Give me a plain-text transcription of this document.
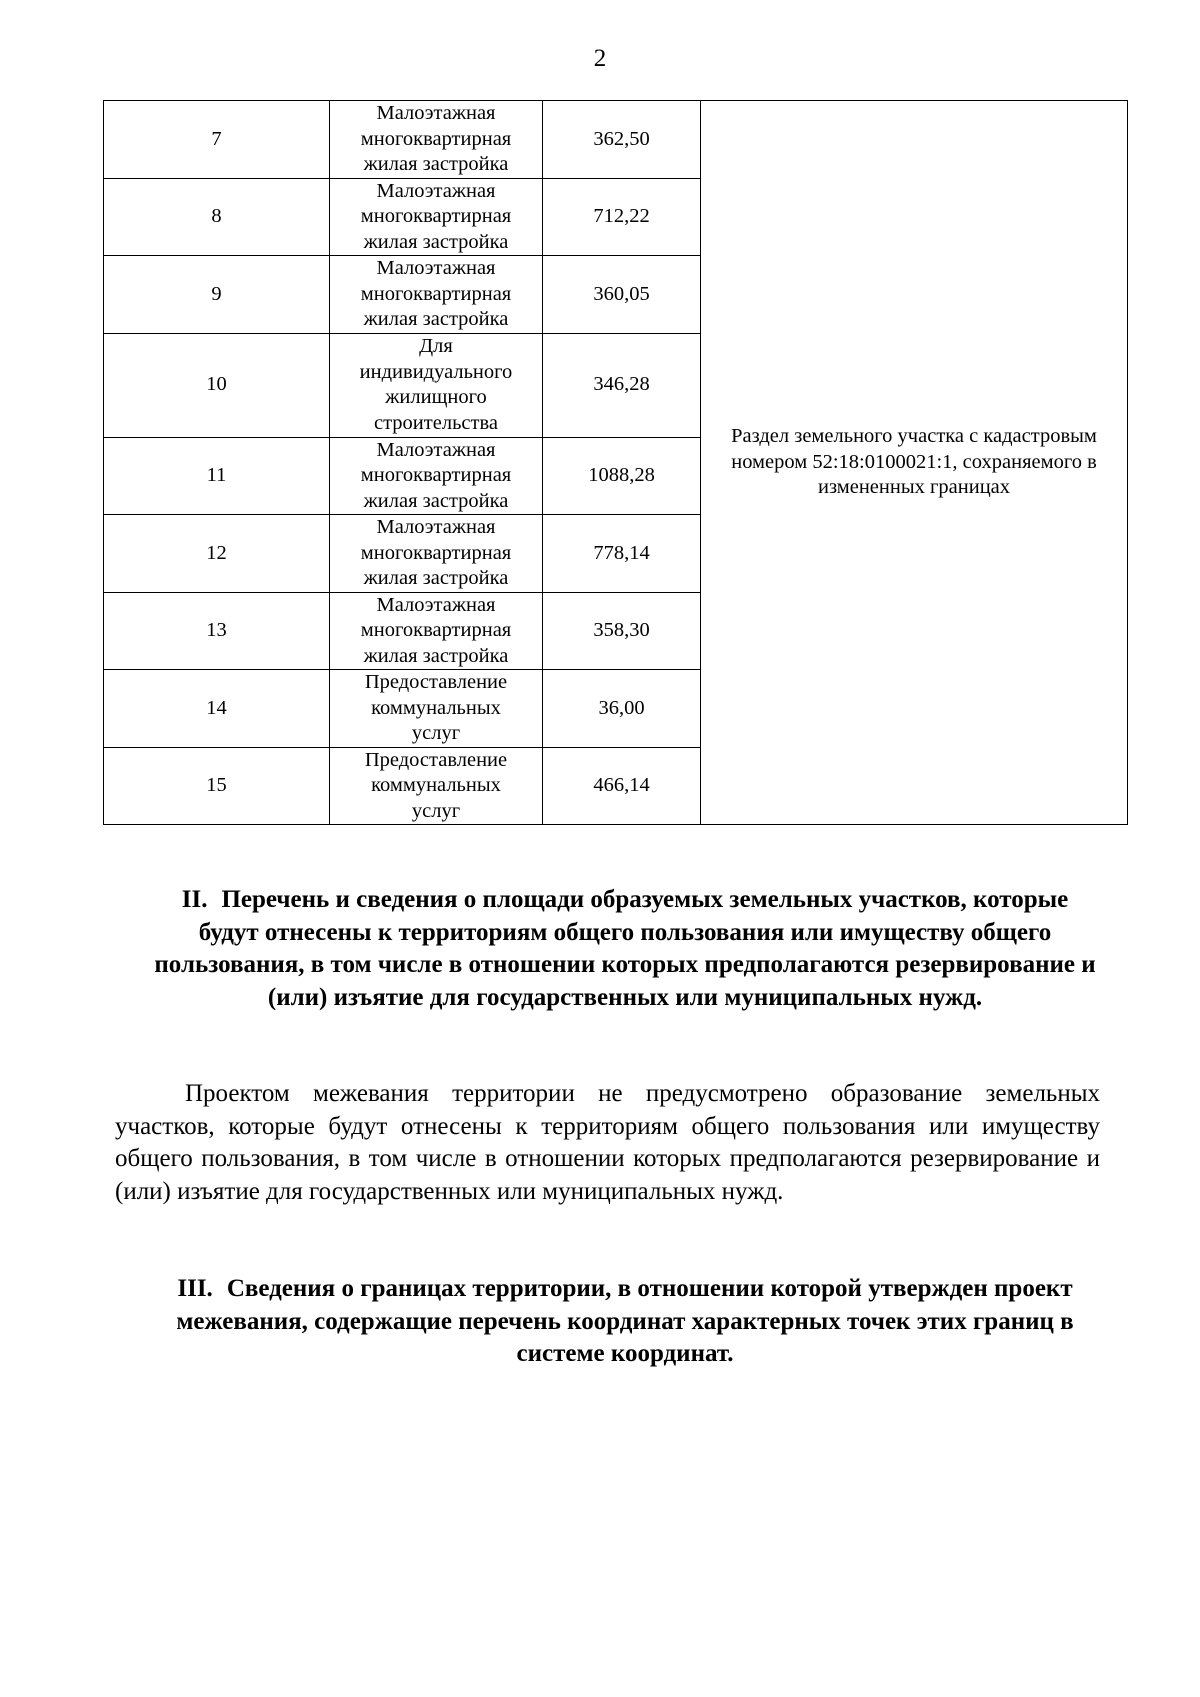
2
7	Малоэтажная многоквартирная жилая застройка	362,50	Раздел земельного участка с кадастровым номером 52:18:0100021:1, сохраняемого в измененных границах
8	Малоэтажная многоквартирная жилая застройка	712,22	
9	Малоэтажная многоквартирная жилая застройка	360,05	
10	Для индивидуального жилищного строительства	346,28	
11	Малоэтажная многоквартирная жилая застройка	1088,28	
12	Малоэтажная многоквартирная жилая застройка	778,14	
13	Малоэтажная многоквартирная жилая застройка	358,30	
14	Предоставление коммунальных услуг	36,00	
15	Предоставление коммунальных услуг	466,14	
II. Перечень и сведения о площади образуемых земельных участков, которые будут отнесены к территориям общего пользования или имуществу общего пользования, в том числе в отношении которых предполагаются резервирование и (или) изъятие для государственных или муниципальных нужд.
Проектом межевания территории не предусмотрено образование земельных участков, которые будут отнесены к территориям общего пользования или имуществу общего пользования, в том числе в отношении которых предполагаются резервирование и (или) изъятие для государственных или муниципальных нужд.
III. Сведения о границах территории, в отношении которой утвержден проект межевания, содержащие перечень координат характерных точек этих границ в системе координат.
